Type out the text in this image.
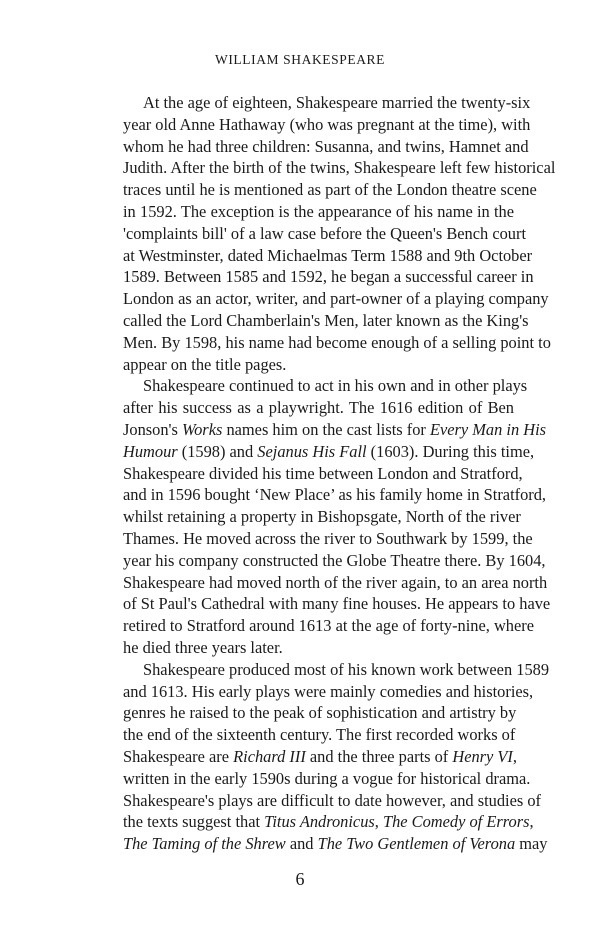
WILLIAM SHAKESPEARE
At the age of eighteen, Shakespeare married the twenty-six
year old Anne Hathaway (who was pregnant at the time), with
whom he had three children: Susanna, and twins, Hamnet and
Judith. After the birth of the twins, Shakespeare left few historical
traces until he is mentioned as part of the London theatre scene
in 1592. The exception is the appearance of his name in the
'complaints bill' of a law case before the Queen's Bench court
at Westminster, dated Michaelmas Term 1588 and 9th October
1589. Between 1585 and 1592, he began a successful career in
London as an actor, writer, and part-owner of a playing company
called the Lord Chamberlain's Men, later known as the King's
Men. By 1598, his name had become enough of a selling point to
appear on the title pages.
Shakespeare continued to act in his own and in other plays
after his success as a playwright. The 1616 edition of Ben
Jonson's Works names him on the cast lists for Every Man in His
Humour (1598) and Sejanus His Fall (1603). During this time,
Shakespeare divided his time between London and Stratford,
and in 1596 bought ‘New Place’ as his family home in Stratford,
whilst retaining a property in Bishopsgate, North of the river
Thames. He moved across the river to Southwark by 1599, the
year his company constructed the Globe Theatre there. By 1604,
Shakespeare had moved north of the river again, to an area north
of St Paul's Cathedral with many fine houses. He appears to have
retired to Stratford around 1613 at the age of forty-nine, where
he died three years later.
Shakespeare produced most of his known work between 1589
and 1613. His early plays were mainly comedies and histories,
genres he raised to the peak of sophistication and artistry by
the end of the sixteenth century. The first recorded works of
Shakespeare are Richard III and the three parts of Henry VI,
written in the early 1590s during a vogue for historical drama.
Shakespeare's plays are difficult to date however, and studies of
the texts suggest that Titus Andronicus, The Comedy of Errors,
The Taming of the Shrew and The Two Gentlemen of Verona may
6
